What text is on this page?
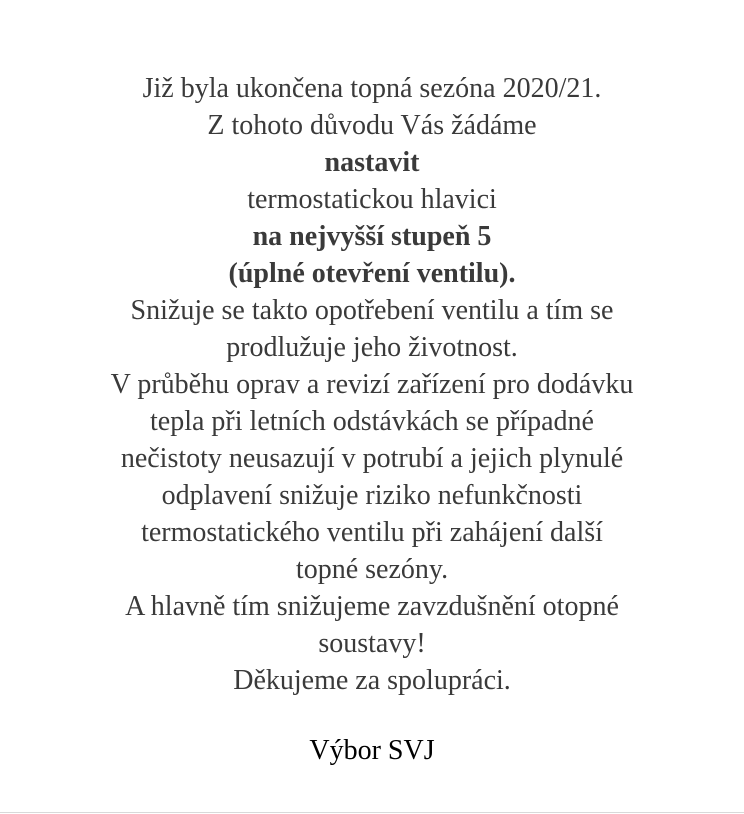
Již byla ukončena topná sezóna 2020/21.
Z tohoto důvodu Vás žádáme
nastavit
termostatickou hlavici
na nejvyšší stupeň 5
(úplné otevření ventilu).
Snižuje se takto opotřebení ventilu a tím se
prodlužuje jeho životnost.
V průběhu oprav a revizí zařízení pro dodávku
tepla při letních odstávkách se případné
nečistoty neusazují v potrubí a jejich plynulé
odplavení snižuje riziko nefunkčnosti
termostatického ventilu při zahájení další
topné sezóny.
A hlavně tím snižujeme zavzdušnění otopné
soustavy!
Děkujeme za spolupráci.
Výbor SVJ
